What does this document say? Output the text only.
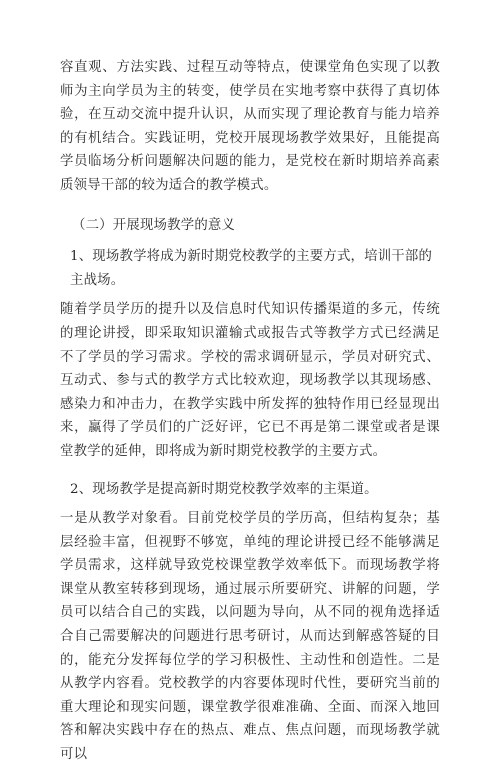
容直观、方法实践、过程互动等特点，使课堂角色实现了以教师为主向学员为主的转变，使学员在实地考察中获得了真切体验，在互动交流中提升认识，从而实现了理论教育与能力培养的有机结合。实践证明，党校开展现场教学效果好，且能提高学员临场分析问题解决问题的能力，是党校在新时期培养高素质领导干部的较为适合的教学模式。

（二）开展现场教学的意义

1、现场教学将成为新时期党校教学的主要方式，培训干部的主战场。

随着学员学历的提升以及信息时代知识传播渠道的多元，传统的理论讲授，即采取知识灌输式或报告式等教学方式已经满足不了学员的学习需求。学校的需求调研显示，学员对研究式、互动式、参与式的教学方式比较欢迎，现场教学以其现场感、感染力和冲击力，在教学实践中所发挥的独特作用已经显现出来，赢得了学员们的广泛好评，它已不再是第二课堂或者是课堂教学的延伸，即将成为新时期党校教学的主要方式。

2、现场教学是提高新时期党校教学效率的主渠道。

一是从教学对象看。目前党校学员的学历高，但结构复杂；基层经验丰富，但视野不够宽，单纯的理论讲授已经不能够满足学员需求，这样就导致党校课堂教学效率低下。而现场教学将课堂从教室转移到现场，通过展示所要研究、讲解的问题，学员可以结合自己的实践，以问题为导向，从不同的视角选择适合自己需要解决的问题进行思考研讨，从而达到解惑答疑的目的，能充分发挥每位学的学习积极性、主动性和创造性。二是从教学内容看。党校教学的内容要体现时代性，要研究当前的重大理论和现实问题，课堂教学很难准确、全面、而深入地回答和解决实践中存在的热点、难点、焦点问题，而现场教学就可以
